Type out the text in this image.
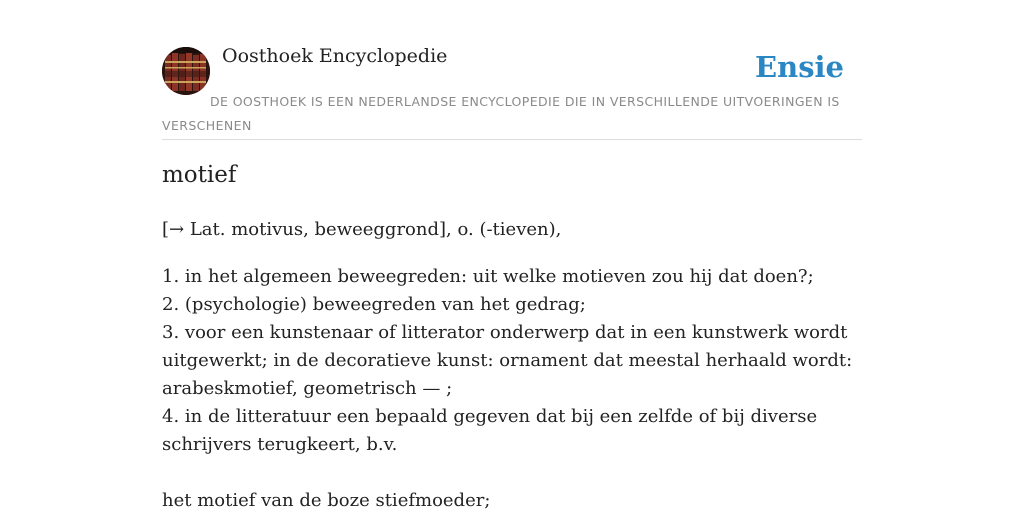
Oosthoek Encyclopedie	Ensie
DE OOSTHOEK IS EEN NEDERLANDSE ENCYCLOPEDIE DIE IN VERSCHILLENDE UITVOERINGEN IS VERSCHENEN
motief
[→ Lat. motivus, beweeggrond], o. (-tieven),
1. in het algemeen beweegreden: uit welke motieven zou hij dat doen?;
2. (psychologie) beweegreden van het gedrag;
3. voor een kunstenaar of litterator onderwerp dat in een kunstwerk wordt uitgewerkt; in de decoratieve kunst: ornament dat meestal herhaald wordt: arabeskmotief, geometrisch — ;
4. in de litteratuur een bepaald gegeven dat bij een zelfde of bij diverse schrijvers terugkeert, b.v.
het motief van de boze stiefmoeder;
